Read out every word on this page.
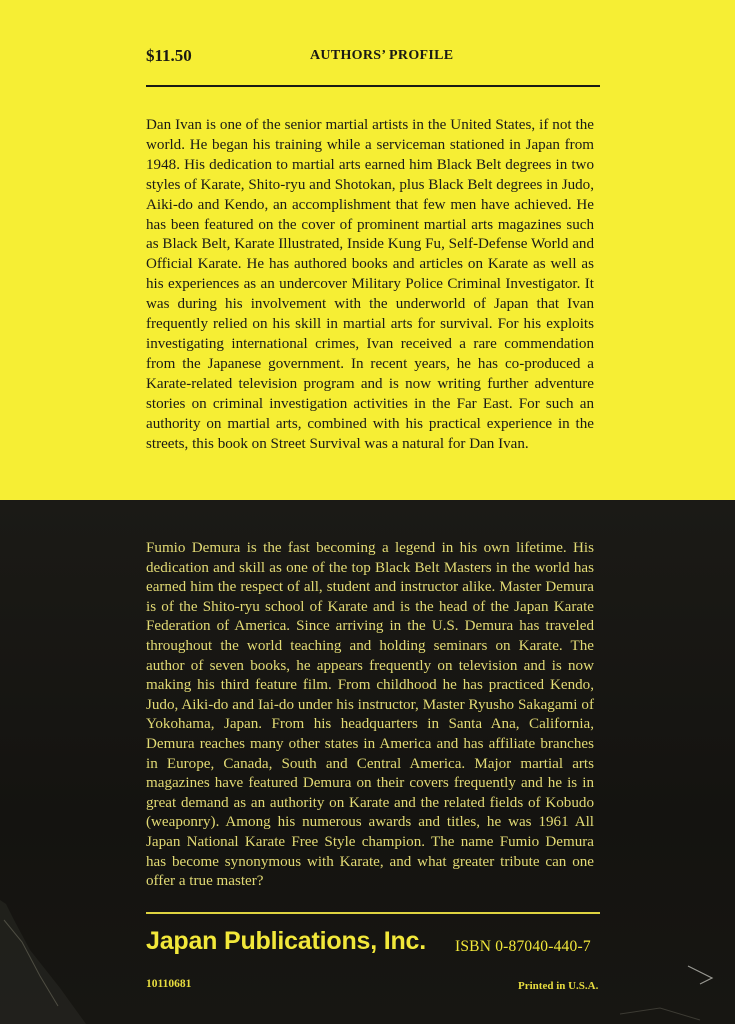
$11.50	AUTHORS’ PROFILE

Dan Ivan is one of the senior martial artists in the United States, if not the world. He began his training while a serviceman stationed in Japan from 1948. His dedication to martial arts earned him Black Belt degrees in two styles of Karate, Shito-ryu and Shotokan, plus Black Belt degrees in Judo, Aiki-do and Kendo, an accomplishment that few men have achieved. He has been featured on the cover of prominent martial arts magazines such as Black Belt, Karate Illustrated, Inside Kung Fu, Self-Defense World and Official Karate. He has authored books and articles on Karate as well as his experiences as an undercover Military Police Criminal Investigator. It was during his involvement with the underworld of Japan that Ivan frequently relied on his skill in martial arts for survival. For his exploits investigating international crimes, Ivan received a rare commendation from the Japanese government. In recent years, he has co-produced a Karate-related television program and is now writing further adventure stories on criminal investigation activities in the Far East. For such an authority on martial arts, combined with his practical experience in the streets, this book on Street Survival was a natural for Dan Ivan.

Fumio Demura is the fast becoming a legend in his own lifetime. His dedication and skill as one of the top Black Belt Masters in the world has earned him the respect of all, student and instructor alike. Master Demura is of the Shito-ryu school of Karate and is the head of the Japan Karate Federation of America. Since arriving in the U.S. Demura has traveled throughout the world teaching and holding seminars on Karate. The author of seven books, he appears frequently on television and is now making his third feature film. From childhood he has practiced Kendo, Judo, Aiki-do and Iai-do under his instructor, Master Ryusho Sakagami of Yokohama, Japan. From his headquarters in Santa Ana, California, Demura reaches many other states in America and has affiliate branches in Europe, Canada, South and Central America. Major martial arts magazines have featured Demura on their covers frequently and he is in great demand as an authority on Karate and the related fields of Kobudo (weaponry). Among his numerous awards and titles, he was 1961 All Japan National Karate Free Style champion. The name Fumio Demura has become synonymous with Karate, and what greater tribute can one offer a true master?

Japan Publications, Inc. ISBN 0-87040-440-7
10110681	Printed in U.S.A.
